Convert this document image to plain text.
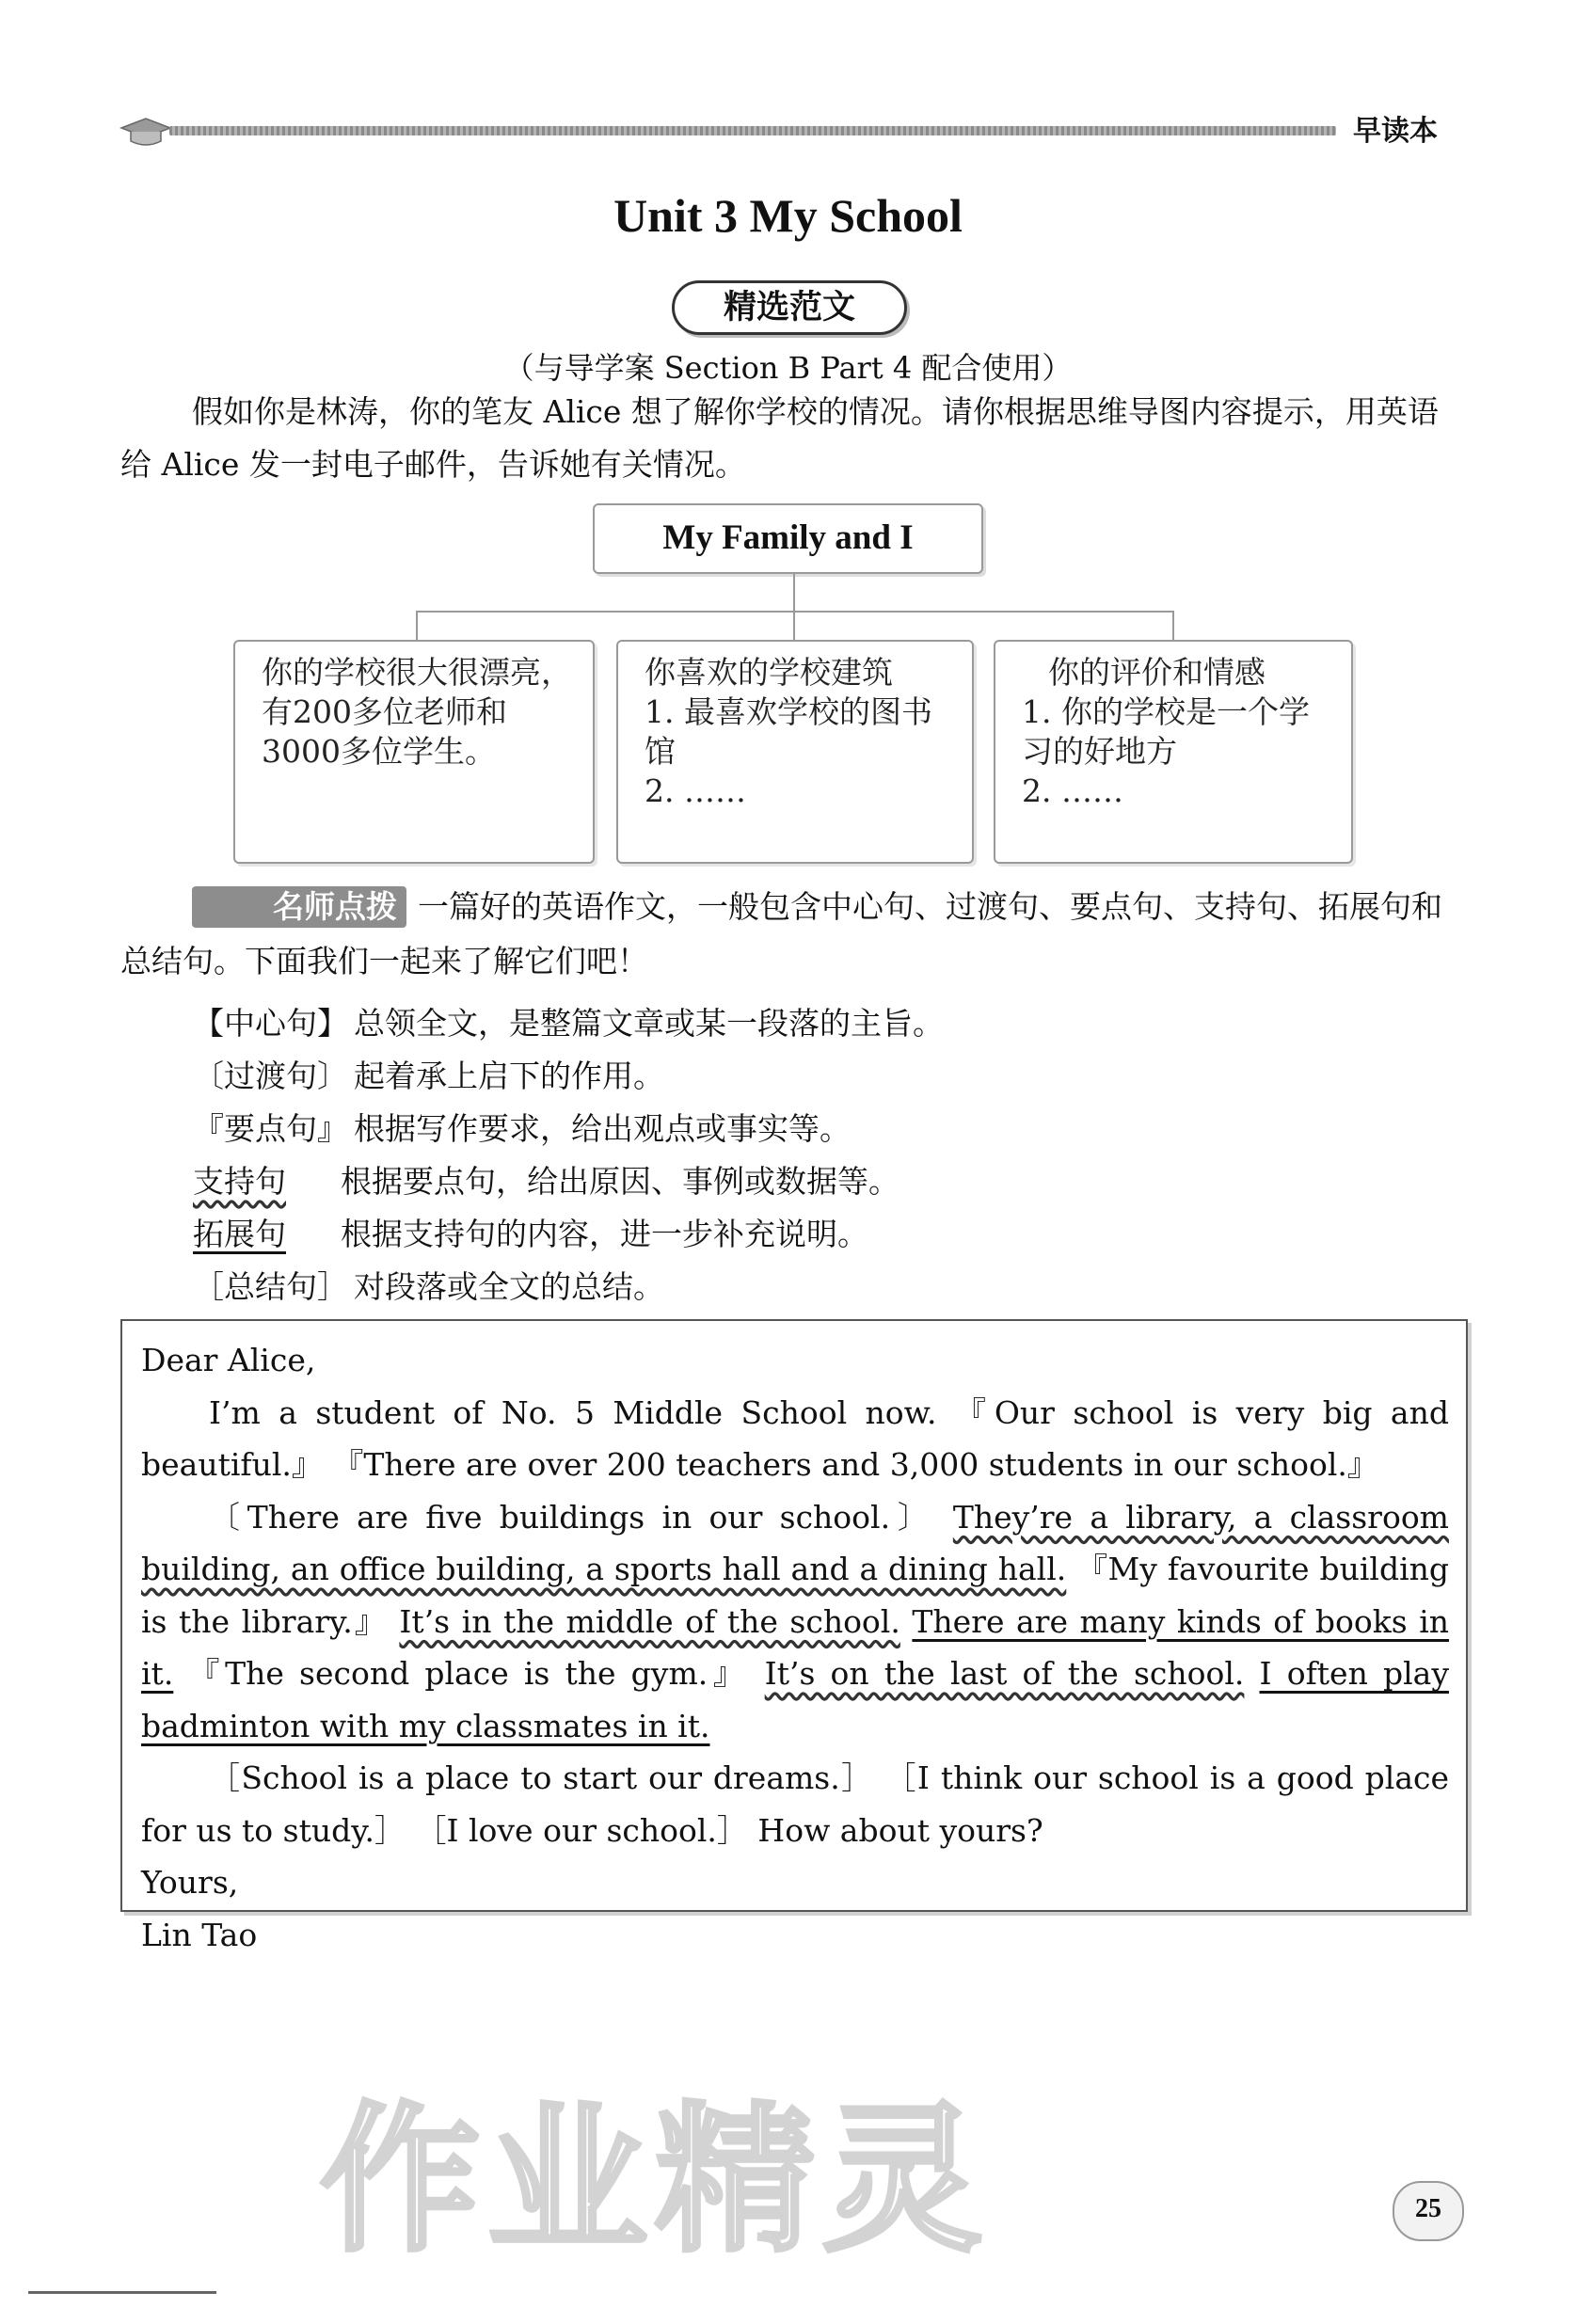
早读本
Unit 3 My School
精选范文
（与导学案 Section B Part 4 配合使用）
假如你是林涛，你的笔友 Alice 想了解你学校的情况。请你根据思维导图内容提示，用英语给 Alice 发一封电子邮件，告诉她有关情况。
My Family and I
你的学校很大很漂亮，有200多位老师和3000多位学生。
你喜欢的学校建筑
1. 最喜欢学校的图书馆
2. ……
你的评价和情感
1. 你的学校是一个学习的好地方
2. ……
名师点拨 一篇好的英语作文，一般包含中心句、过渡句、要点句、支持句、拓展句和总结句。下面我们一起来了解它们吧！
【中心句】 总领全文，是整篇文章或某一段落的主旨。
〔过渡句〕 起着承上启下的作用。
『要点句』 根据写作要求，给出观点或事实等。
支持句 根据要点句，给出原因、事例或数据等。
拓展句 根据支持句的内容，进一步补充说明。
［总结句］ 对段落或全文的总结。

Dear Alice,

I’m a student of No. 5 Middle School now. 『Our school is very big and beautiful.』 『There are over 200 teachers and 3,000 students in our school.』

〔There are five buildings in our school.〕 They’re a library, a classroom building, an office building, a sports hall and a dining hall. 『My favourite building is the library.』 It’s in the middle of the school. There are many kinds of books in it. 『The second place is the gym.』 It’s on the last of the school. I often play badminton with my classmates in it.

［School is a place to start our dreams.］ ［I think our school is a good place for us to study.］ ［I love our school.］ How about yours?

Yours,

Lin Tao

作业精灵	25
